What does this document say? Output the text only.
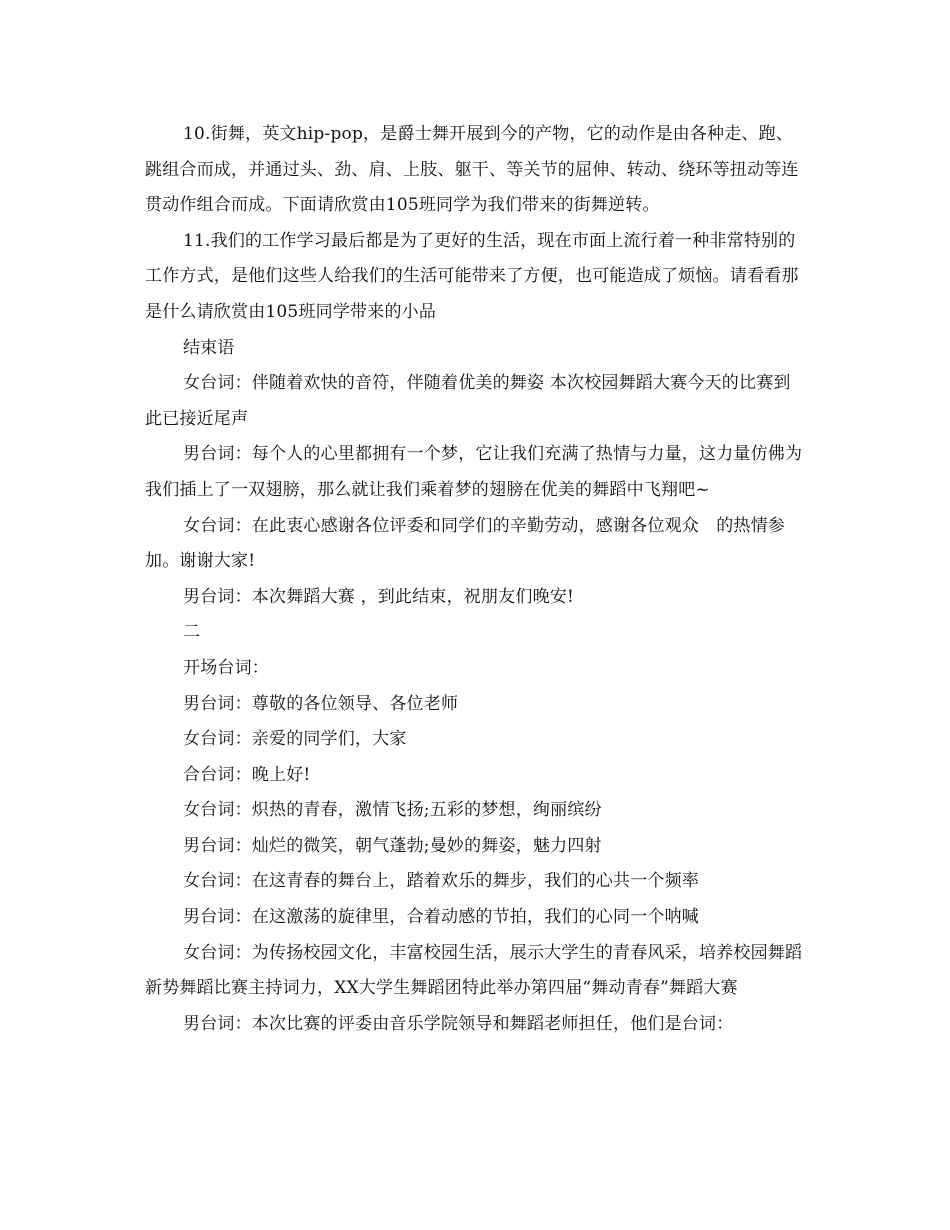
10.街舞，英文hip-pop，是爵士舞开展到今的产物，它的动作是由各种走、跑、跳组合而成，并通过头、劲、肩、上肢、躯干、等关节的屈伸、转动、绕环等扭动等连贯动作组合而成。下面请欣赏由105班同学为我们带来的街舞逆转。

11.我们的工作学习最后都是为了更好的生活，现在市面上流行着一种非常特别的工作方式，是他们这些人给我们的生活可能带来了方便，也可能造成了烦恼。请看看那是什么请欣赏由105班同学带来的小品

结束语

女台词：伴随着欢快的音符，伴随着优美的舞姿 本次校园舞蹈大赛今天的比赛到此已接近尾声

男台词：每个人的心里都拥有一个梦，它让我们充满了热情与力量，这力量仿佛为我们插上了一双翅膀，那么就让我们乘着梦的翅膀在优美的舞蹈中飞翔吧~

女台词：在此衷心感谢各位评委和同学们的辛勤劳动，感谢各位观众　的热情参加。谢谢大家!

男台词：本次舞蹈大赛 ，到此结束，祝朋友们晚安!

二

开场台词：

男台词：尊敬的各位领导、各位老师

女台词：亲爱的同学们，大家

合台词：晚上好!

女台词：炽热的青春，激情飞扬;五彩的梦想，绚丽缤纷

男台词：灿烂的微笑，朝气蓬勃;曼妙的舞姿，魅力四射

女台词：在这青春的舞台上，踏着欢乐的舞步，我们的心共一个频率

男台词：在这激荡的旋律里，合着动感的节拍，我们的心同一个呐喊

女台词：为传扬校园文化，丰富校园生活，展示大学生的青春风采，培养校园舞蹈新势舞蹈比赛主持词力，XX大学生舞蹈团特此举办第四届“舞动青春”舞蹈大赛

男台词：本次比赛的评委由音乐学院领导和舞蹈老师担任，他们是台词：
